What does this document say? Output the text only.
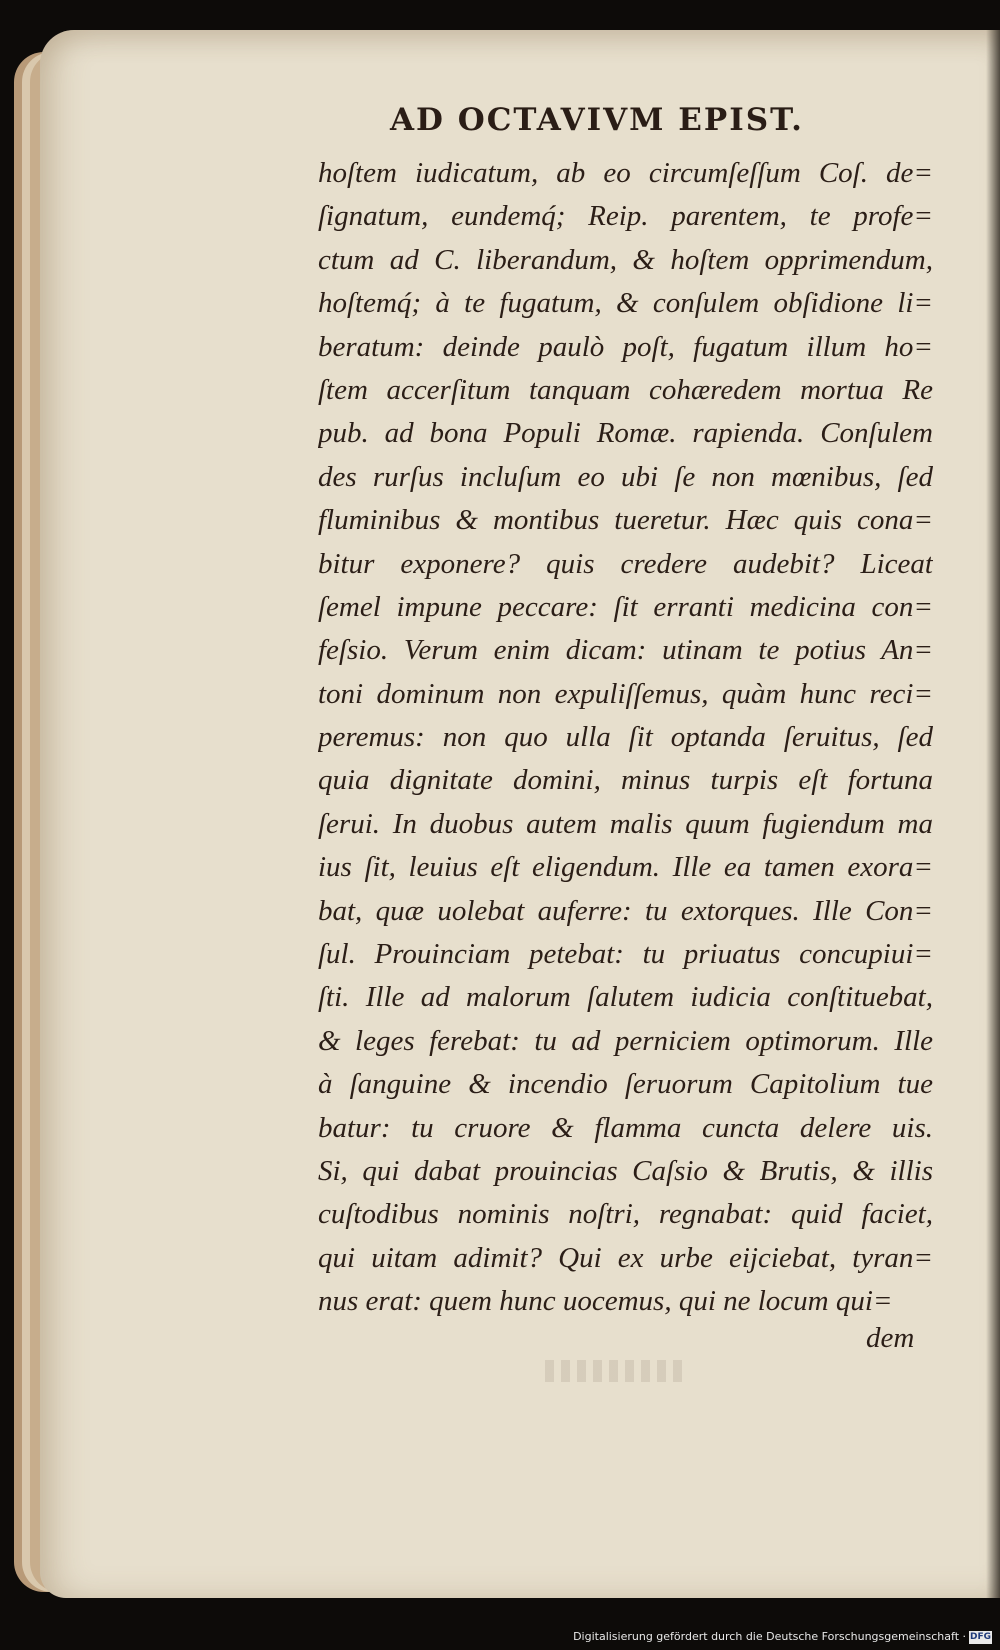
AD OCTAVIVM EPIST.
hoſtem iudicatum, ab eo circumſeſſum Coſ. de=
ſignatum, eundemq́; Reip. parentem, te profe=
ctum ad C. liberandum, & hoſtem opprimendum,
hoſtemq́; à te fugatum, & conſulem obſidione li=
beratum: deinde paulò poſt, fugatum illum ho=
ſtem accerſitum tanquam cohæredem mortua Re
pub. ad bona Populi Romæ. rapienda. Conſulem
des rurſus incluſum eo ubi ſe non mœnibus, ſed
fluminibus & montibus tueretur. Hæc quis cona=
bitur exponere? quis credere audebit? Liceat
ſemel impune peccare: ſit erranti medicina con=
feſsio. Verum enim dicam: utinam te potius An=
toni dominum non expuliſſemus, quàm hunc reci=
peremus: non quo ulla ſit optanda ſeruitus, ſed
quia dignitate domini, minus turpis eſt fortuna
ſerui. In duobus autem malis quum fugiendum ma
ius ſit, leuius eſt eligendum. Ille ea tamen exora=
bat, quæ uolebat auferre: tu extorques. Ille Con=
ſul. Prouinciam petebat: tu priuatus concupiui=
ſti. Ille ad malorum ſalutem iudicia conſtituebat,
& leges ferebat: tu ad perniciem optimorum. Ille
à ſanguine & incendio ſeruorum Capitolium tue
batur: tu cruore & flamma cuncta delere uis.
Si, qui dabat prouincias Caſsio & Brutis, & illis
cuſtodibus nominis noſtri, regnabat: quid faciet,
qui uitam adimit? Qui ex urbe eijciebat, tyran=
nus erat: quem hunc uocemus, qui ne locum qui=
dem
Digitalisierung gefördert durch die Deutsche Forschungsgemeinschaft · DFG
